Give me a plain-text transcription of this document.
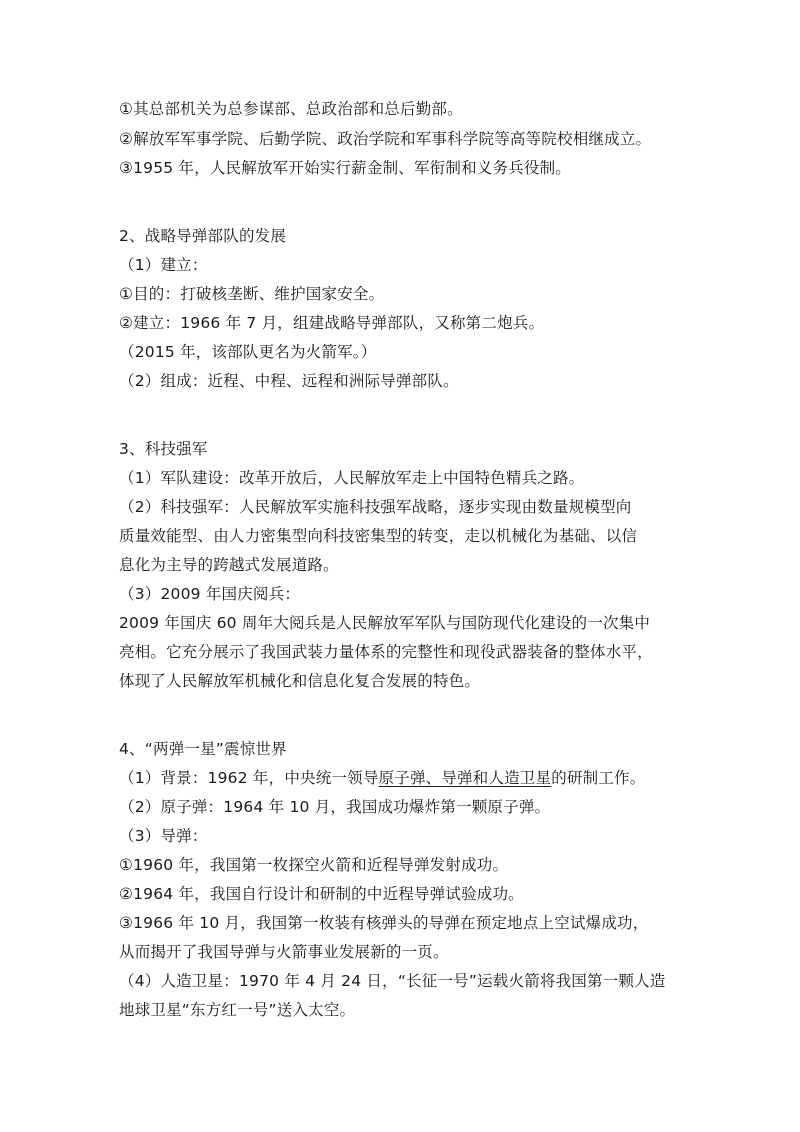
①其总部机关为总参谋部、总政治部和总后勤部。
②解放军军事学院、后勤学院、政治学院和军事科学院等高等院校相继成立。
③1955 年，人民解放军开始实行薪金制、军衔制和义务兵役制。
2、战略导弹部队的发展
（1）建立：
①目的：打破核垄断、维护国家安全。
②建立：1966 年 7 月，组建战略导弹部队，又称第二炮兵。
（2015 年，该部队更名为火箭军。）
（2）组成：近程、中程、远程和洲际导弹部队。
3、科技强军
（1）军队建设：改革开放后，人民解放军走上中国特色精兵之路。
（2）科技强军：人民解放军实施科技强军战略，逐步实现由数量规模型向
质量效能型、由人力密集型向科技密集型的转变，走以机械化为基础、以信
息化为主导的跨越式发展道路。
（3）2009 年国庆阅兵：
2009 年国庆 60 周年大阅兵是人民解放军军队与国防现代化建设的一次集中
亮相。它充分展示了我国武装力量体系的完整性和现役武器装备的整体水平，
体现了人民解放军机械化和信息化复合发展的特色。
4、“两弹一星”震惊世界
（1）背景：1962 年，中央统一领导原子弹、导弹和人造卫星的研制工作。
（2）原子弹：1964 年 10 月，我国成功爆炸第一颗原子弹。
（3）导弹：
①1960 年，我国第一枚探空火箭和近程导弹发射成功。
②1964 年，我国自行设计和研制的中近程导弹试验成功。
③1966 年 10 月，我国第一枚装有核弹头的导弹在预定地点上空试爆成功，
从而揭开了我国导弹与火箭事业发展新的一页。
（4）人造卫星：1970 年 4 月 24 日，“长征一号”运载火箭将我国第一颗人造
地球卫星“东方红一号”送入太空。
